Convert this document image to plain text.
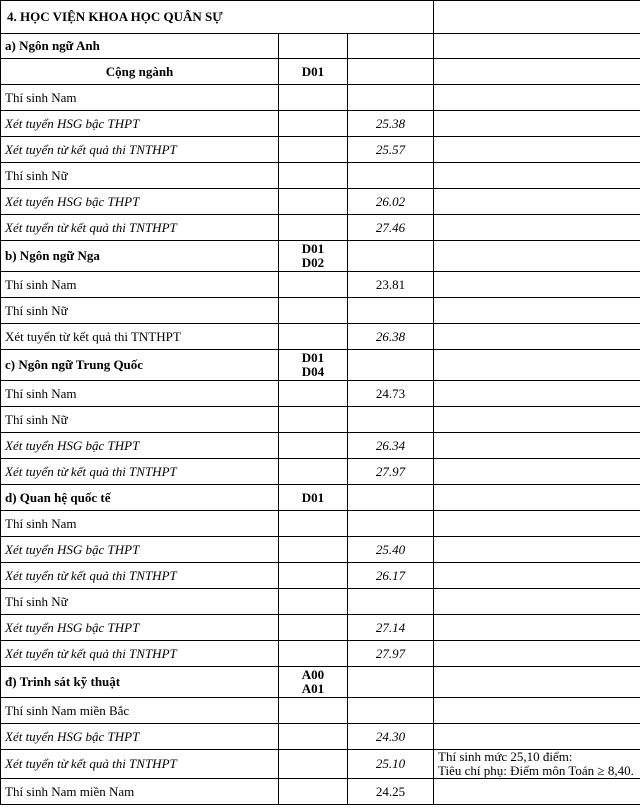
4. HỌC VIỆN KHOA HỌC QUÂN SỰ			
a) Ngôn ngữ Anh			
Cộng ngành	D01		
Thí sinh Nam			
Xét tuyển HSG bậc THPT		25.38	
Xét tuyển từ kết quả thi TNTHPT		25.57	
Thí sinh Nữ			
Xét tuyển HSG bậc THPT		26.02	
Xét tuyển từ kết quả thi TNTHPT		27.46	
b) Ngôn ngữ Nga	D01
D02		
Thí sinh Nam		23.81	
Thí sinh Nữ			
Xét tuyển từ kết quả thi TNTHPT		26.38	
c) Ngôn ngữ Trung Quốc	D01
D04		
Thí sinh Nam		24.73	
Thí sinh Nữ			
Xét tuyển HSG bậc THPT		26.34	
Xét tuyển từ kết quả thi TNTHPT		27.97	
d) Quan hệ quốc tế	D01		
Thí sinh Nam			
Xét tuyển HSG bậc THPT		25.40	
Xét tuyển từ kết quả thi TNTHPT		26.17	
Thí sinh Nữ			
Xét tuyển HSG bậc THPT		27.14	
Xét tuyển từ kết quả thi TNTHPT		27.97	
đ) Trinh sát kỹ thuật	A00
A01		
Thí sinh Nam miền Bắc			
Xét tuyển HSG bậc THPT		24.30	
Xét tuyển từ kết quả thi TNTHPT		25.10	Thí sinh mức 25,10 điểm:
Tiêu chí phụ: Điểm môn Toán ≥ 8,40.

Thí sinh Nam miền Nam		24.25	
